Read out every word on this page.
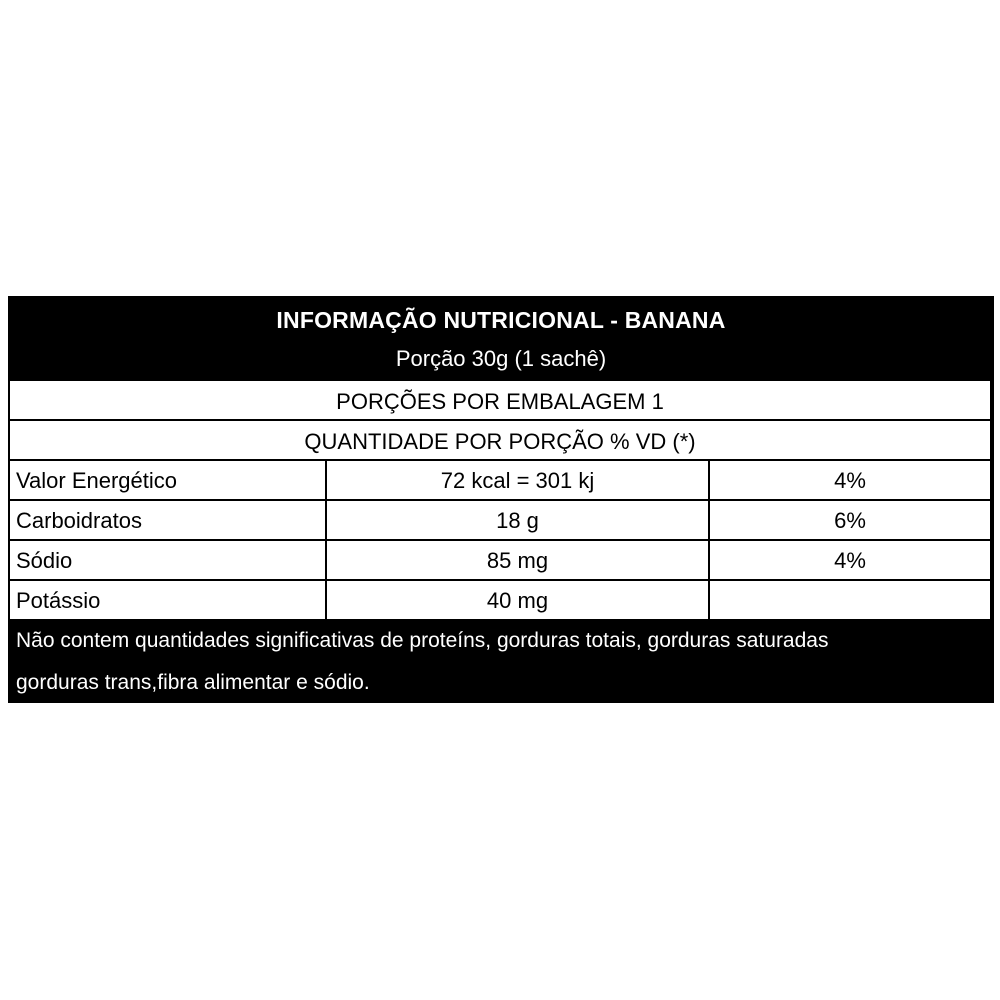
INFORMAÇÃO NUTRICIONAL - BANANA
Porção 30g (1 sachê)
PORÇÕES POR EMBALAGEM 1
QUANTIDADE POR PORÇÃO % VD (*)
Valor Energético	72 kcal = 301 kj	4%
Carboidratos	18 g	6%
Sódio	85 mg	4%
Potássio	40 mg
Não contem quantidades significativas de proteíns, gorduras totais, gorduras saturadas
gorduras trans,fibra alimentar e sódio.
